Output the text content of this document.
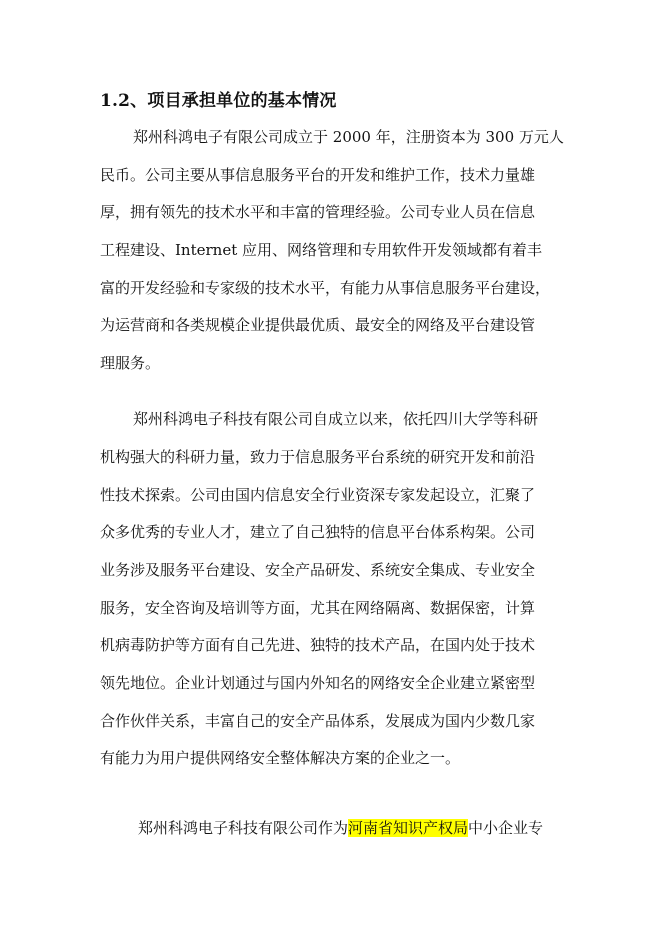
1.2、项目承担单位的基本情况
郑州科鸿电子有限公司成立于 2000 年，注册资本为 300 万元人
民币。公司主要从事信息服务平台的开发和维护工作，技术力量雄
厚，拥有领先的技术水平和丰富的管理经验。公司专业人员在信息
工程建设、Internet 应用、网络管理和专用软件开发领域都有着丰
富的开发经验和专家级的技术水平，有能力从事信息服务平台建设，
为运营商和各类规模企业提供最优质、最安全的网络及平台建设管
理服务。
郑州科鸿电子科技有限公司自成立以来，依托四川大学等科研
机构强大的科研力量，致力于信息服务平台系统的研究开发和前沿
性技术探索。公司由国内信息安全行业资深专家发起设立，汇聚了
众多优秀的专业人才，建立了自己独特的信息平台体系构架。公司
业务涉及服务平台建设、安全产品研发、系统安全集成、专业安全
服务，安全咨询及培训等方面，尤其在网络隔离、数据保密，计算
机病毒防护等方面有自己先进、独特的技术产品，在国内处于技术
领先地位。企业计划通过与国内外知名的网络安全企业建立紧密型
合作伙伴关系，丰富自己的安全产品体系，发展成为国内少数几家
有能力为用户提供网络安全整体解决方案的企业之一。
郑州科鸿电子科技有限公司作为河南省知识产权局中小企业专
